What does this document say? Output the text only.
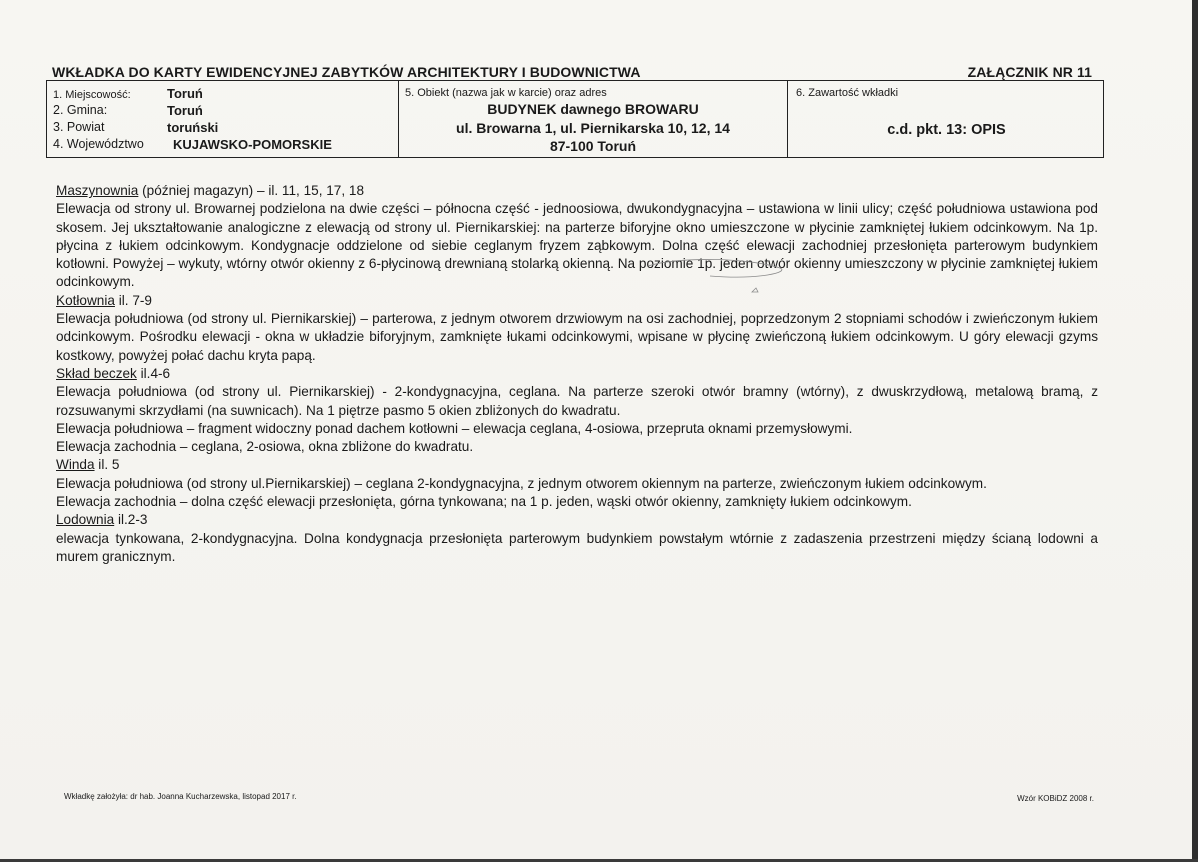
WKŁADKA DO KARTY EWIDENCYJNEJ ZABYTKÓW ARCHITEKTURY I BUDOWNICTWA	ZAŁĄCZNIK NR 11
1. Miejscowość:	Toruń
2. Gmina:	Toruń
3. Powiat	toruński
4. Województwo KUJAWSKO-POMORSKIE
5. Obiekt (nazwa jak w karcie) oraz adres
BUDYNEK dawnego BROWARU
ul. Browarna 1, ul. Piernikarska 10, 12, 14
87-100 Toruń
6. Zawartość wkładki
c.d. pkt. 13: OPIS

Maszynownia (później magazyn) – il. 11, 15, 17, 18

Elewacja od strony ul. Browarnej podzielona na dwie części – północna część - jednoosiowa, dwukondygnacyjna – ustawiona w linii ulicy; część południowa ustawiona pod skosem. Jej ukształtowanie analogiczne z elewacją od strony ul. Piernikarskiej: na parterze biforyjne okno umieszczone w płycinie zamkniętej łukiem odcinkowym. Na 1p. płycina z łukiem odcinkowym. Kondygnacje oddzielone od siebie ceglanym fryzem ząbkowym. Dolna część elewacji zachodniej przesłonięta parterowym budynkiem kotłowni. Powyżej – wykuty, wtórny otwór okienny z 6-płycinową drewnianą stolarką okienną. Na poziomie 1p. jeden otwór okienny umieszczony w płycinie zamkniętej łukiem odcinkowym.

Kotłownia il. 7-9

Elewacja południowa (od strony ul. Piernikarskiej) – parterowa, z jednym otworem drzwiowym na osi zachodniej, poprzedzonym 2 stopniami schodów i zwieńczonym łukiem odcinkowym. Pośrodku elewacji - okna w układzie biforyjnym, zamknięte łukami odcinkowymi, wpisane w płycinę zwieńczoną łukiem odcinkowym. U góry elewacji gzyms kostkowy, powyżej połać dachu kryta papą.

Skład beczek il.4-6

Elewacja południowa (od strony ul. Piernikarskiej) - 2-kondygnacyjna, ceglana. Na parterze szeroki otwór bramny (wtórny), z dwuskrzydłową, metalową bramą, z rozsuwanymi skrzydłami (na suwnicach). Na 1 piętrze pasmo 5 okien zbliżonych do kwadratu.

Elewacja południowa – fragment widoczny ponad dachem kotłowni – elewacja ceglana, 4-osiowa, przepruta oknami przemysłowymi.

Elewacja zachodnia – ceglana, 2-osiowa, okna zbliżone do kwadratu.

Winda il. 5

Elewacja południowa (od strony ul.Piernikarskiej) – ceglana 2-kondygnacyjna, z jednym otworem okiennym na parterze, zwieńczonym łukiem odcinkowym.

Elewacja zachodnia – dolna część elewacji przesłonięta, górna tynkowana; na 1 p. jeden, wąski otwór okienny, zamknięty łukiem odcinkowym.

Lodownia il.2-3

elewacja tynkowana, 2-kondygnacyjna. Dolna kondygnacja przesłonięta parterowym budynkiem powstałym wtórnie z zadaszenia przestrzeni między ścianą lodowni a murem granicznym.

Wkładkę założyła: dr hab. Joanna Kucharzewska, listopad 2017 r.	Wzór KOBiDZ 2008 r.
